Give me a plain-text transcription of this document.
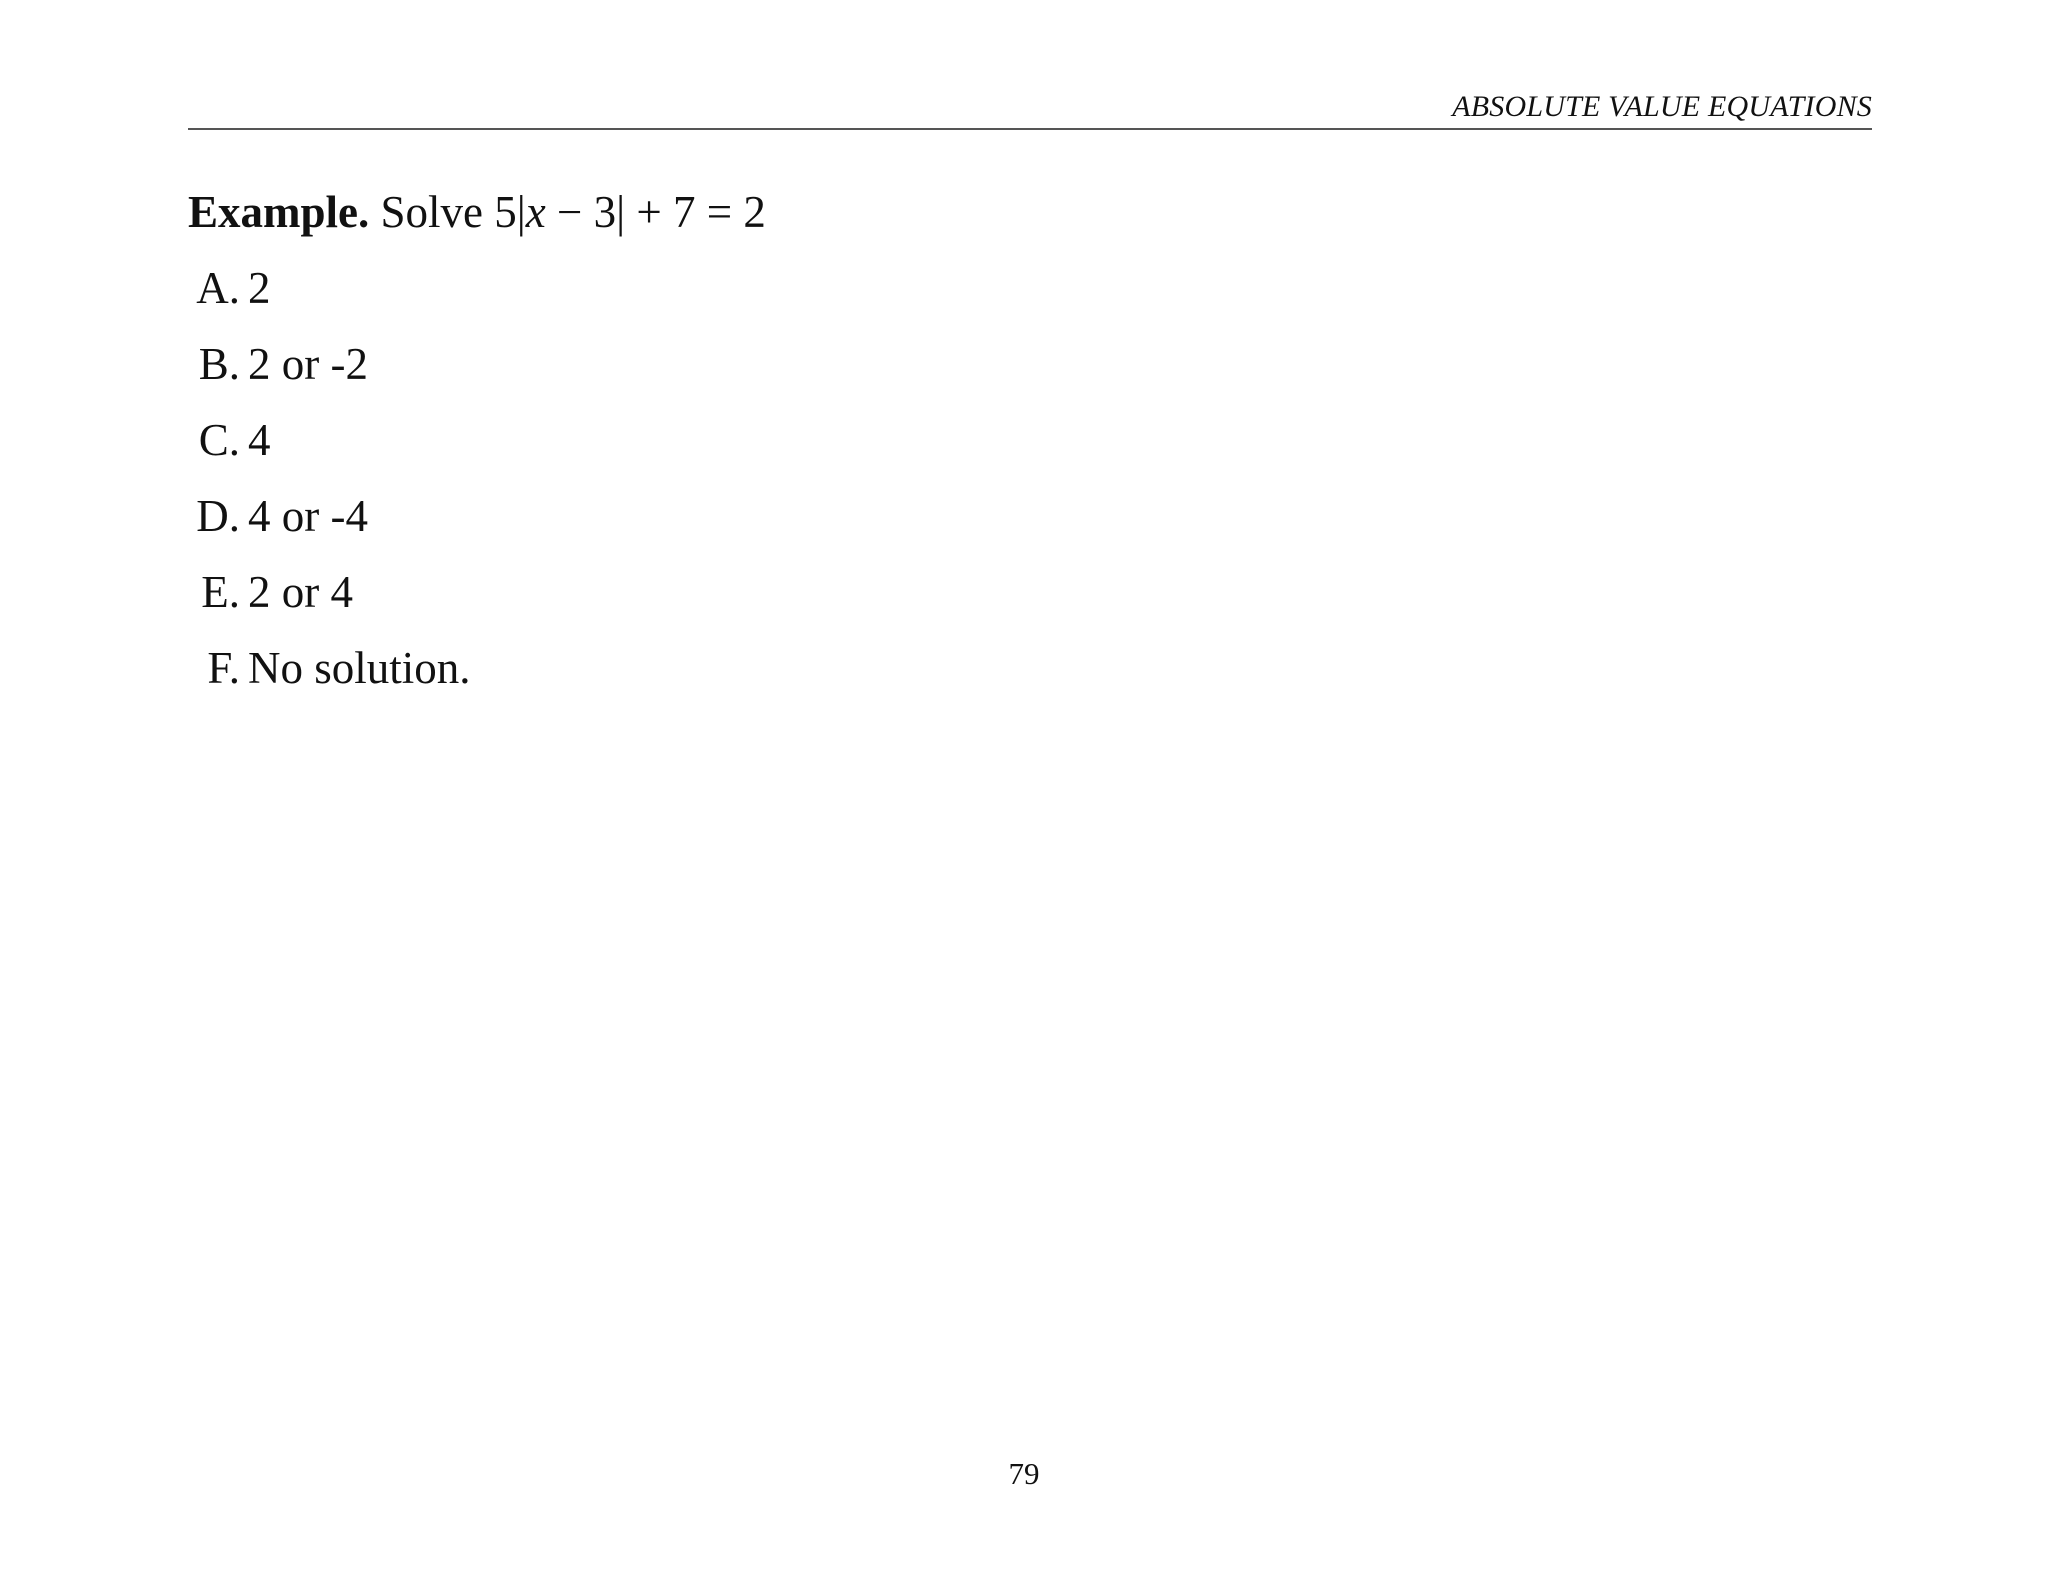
ABSOLUTE VALUE EQUATIONS
Example. Solve 5|x − 3| + 7 = 2
A. 2
B. 2 or -2
C. 4
D. 4 or -4
E. 2 or 4
F. No solution.
79
